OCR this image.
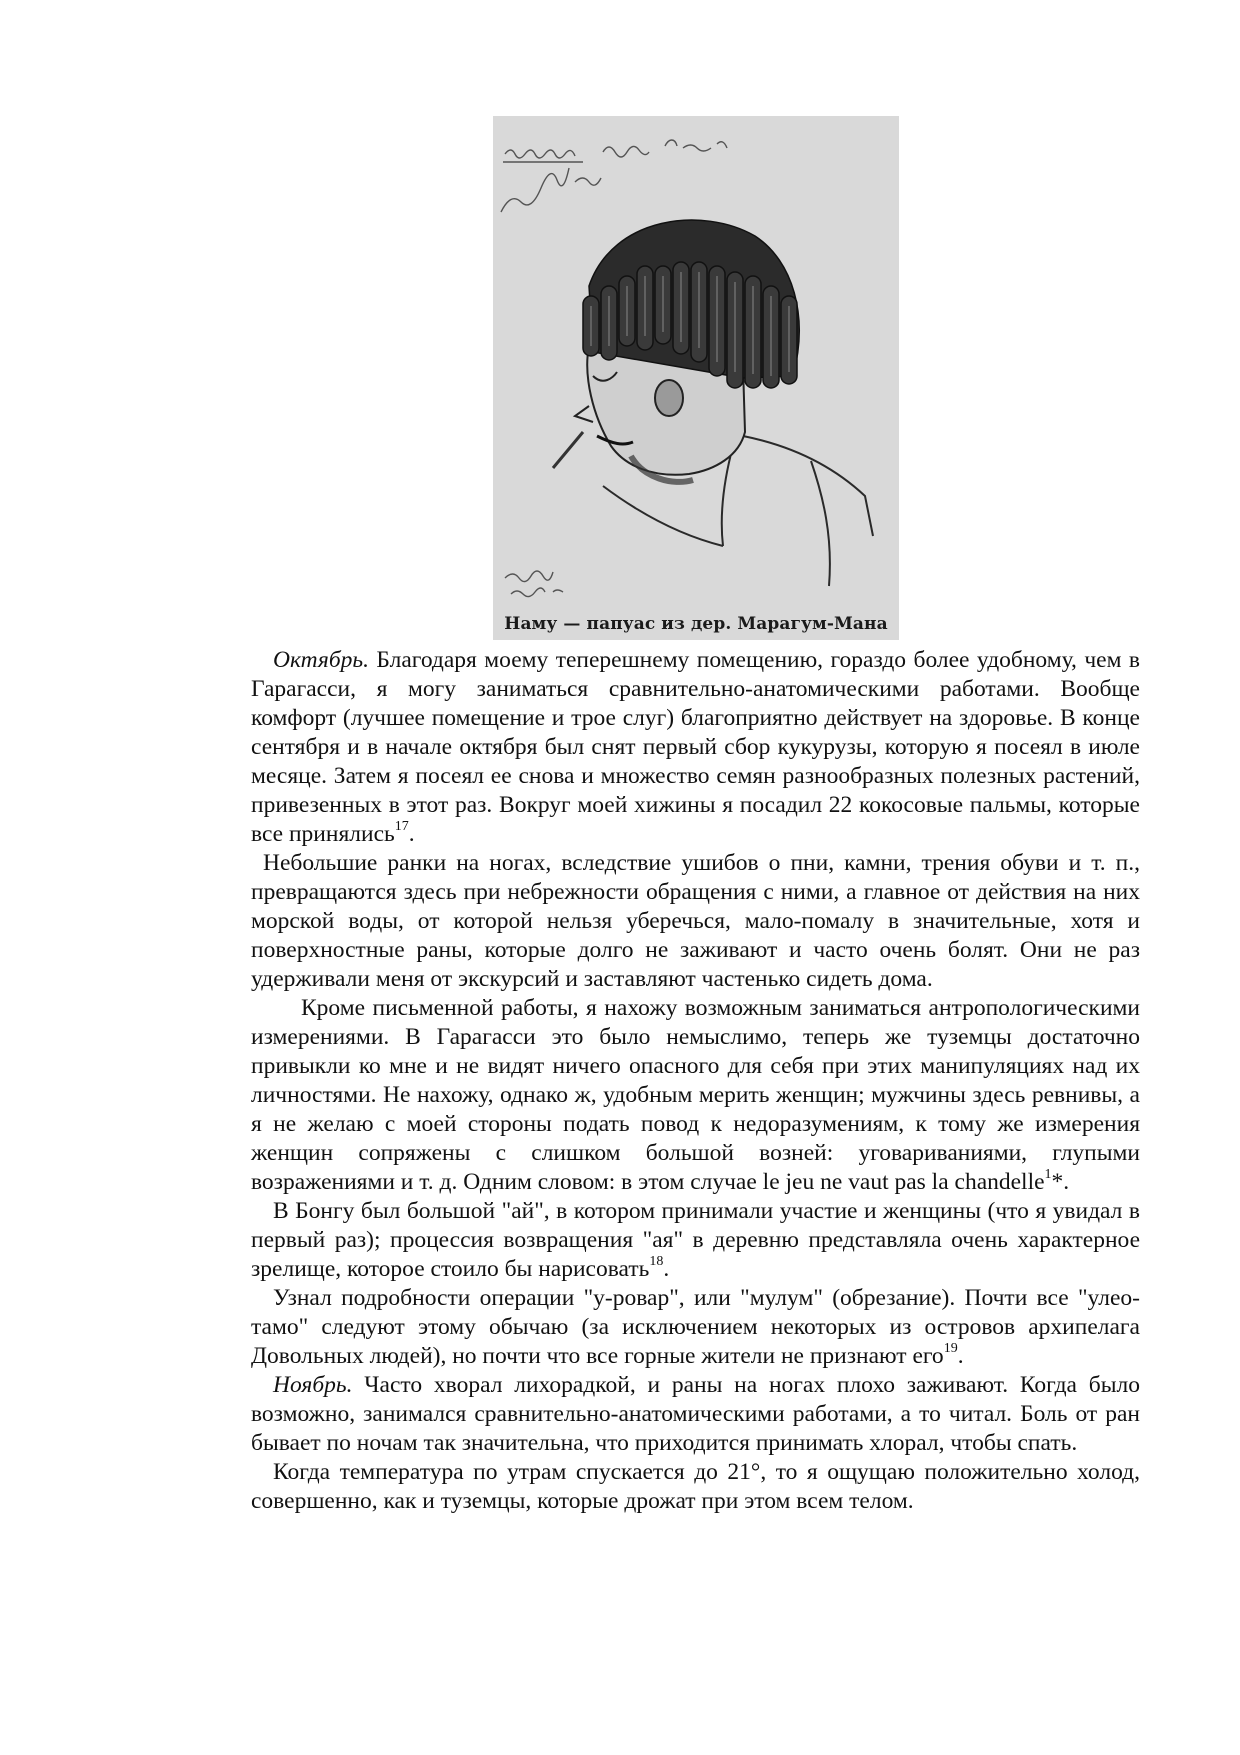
Наму — папуас из дер. Марагум-Мана

Октябрь. Благодаря моему теперешнему помещению, гораздо более удобному, чем в Гарагасси, я могу заниматься сравнительно-анатомическими работами. Вообще комфорт (лучшее помещение и трое слуг) благоприятно действует на здоровье. В конце сентября и в начале октября был снят первый сбор кукурузы, которую я посеял в июле месяце. Затем я посеял ее снова и множество семян разнообразных полезных растений, привезенных в этот раз. Вокруг моей хижины я посадил 22 кокосовые пальмы, которые все принялись$^{17}$.

Небольшие ранки на ногах, вследствие ушибов о пни, камни, трения обуви и т. п., превращаются здесь при небрежности обращения с ними, а главное от действия на них морской воды, от которой нельзя уберечься, мало-помалу в значительные, хотя и поверхностные раны, которые долго не заживают и часто очень болят. Они не раз удерживали меня от экскурсий и заставляют частенько сидеть дома.

Кроме письменной работы, я нахожу возможным заниматься антропологическими измерениями. В Гарагасси это было немыслимо, теперь же туземцы достаточно привыкли ко мне и не видят ничего опасного для себя при этих манипуляциях над их личностями. Не нахожу, однако ж, удобным мерить женщин; мужчины здесь ревнивы, а я не желаю с моей стороны подать повод к недоразумениям, к тому же измерения женщин сопряжены с слишком большой возней: уговариваниями, глупыми возражениями и т. д. Одним словом: в этом случае le jeu ne vaut pas la chandelle$^1$*.

В Бонгу был большой "ай", в котором принимали участие и женщины (что я увидал в первый раз); процессия возвращения "ая" в деревню представляла очень характерное зрелище, которое стоило бы нарисовать$^{18}$.

Узнал подробности операции "у-ровар", или "мулум" (обрезание). Почти все "улео-тамо" следуют этому обычаю (за исключением некоторых из островов архипелага Довольных людей), но почти что все горные жители не признают его$^{19}$.

Ноябрь. Часто хворал лихорадкой, и раны на ногах плохо заживают. Когда было возможно, занимался сравнительно-анатомическими работами, а то читал. Боль от ран бывает по ночам так значительна, что приходится принимать хлорал, чтобы спать.

Когда температура по утрам спускается до 21°, то я ощущаю положительно холод, совершенно, как и туземцы, которые дрожат при этом всем телом.
